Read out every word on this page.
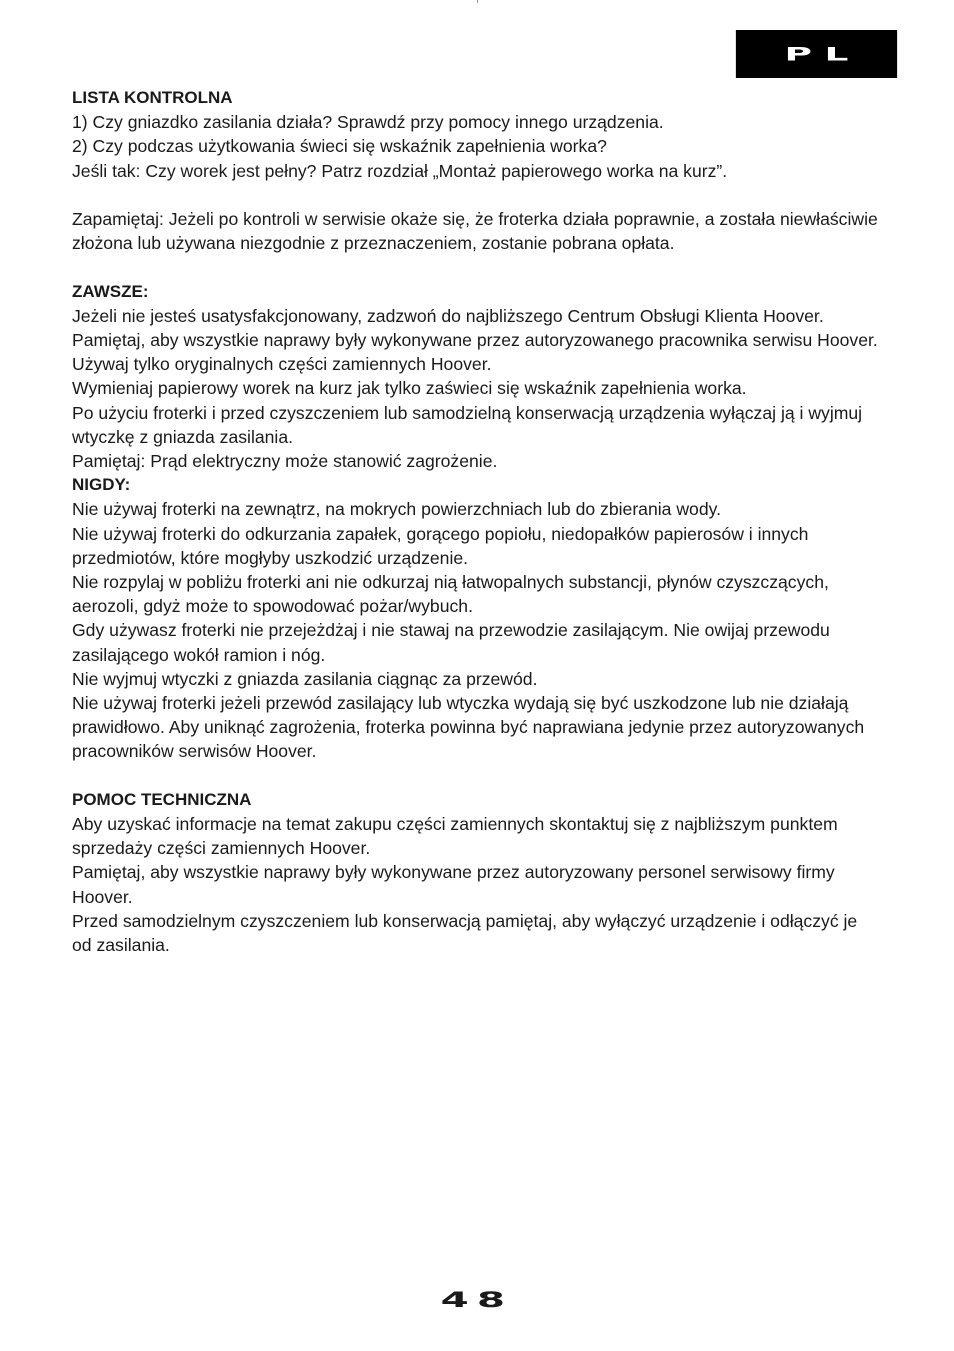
PL

LISTA KONTROLNA

1) Czy gniazdko zasilania działa? Sprawdź przy pomocy innego urządzenia.

2) Czy podczas użytkowania świeci się wskaźnik zapełnienia worka?

Jeśli tak: Czy worek jest pełny? Patrz rozdział „Montaż papierowego worka na kurz”.

Zapamiętaj: Jeżeli po kontroli w serwisie okaże się, że froterka działa poprawnie, a została niewłaściwie złożona lub używana niezgodnie z przeznaczeniem, zostanie pobrana opłata.

ZAWSZE:

Jeżeli nie jesteś usatysfakcjonowany, zadzwoń do najbliższego Centrum Obsługi Klienta Hoover. Pamiętaj, aby wszystkie naprawy były wykonywane przez autoryzowanego pracownika serwisu Hoover.

Używaj tylko oryginalnych części zamiennych Hoover.

Wymieniaj papierowy worek na kurz jak tylko zaświeci się wskaźnik zapełnienia worka.

Po użyciu froterki i przed czyszczeniem lub samodzielną konserwacją urządzenia wyłączaj ją i wyjmuj wtyczkę z gniazda zasilania.

Pamiętaj: Prąd elektryczny może stanowić zagrożenie.

NIGDY:

Nie używaj froterki na zewnątrz, na mokrych powierzchniach lub do zbierania wody.

Nie używaj froterki do odkurzania zapałek, gorącego popiołu, niedopałków papierosów i innych przedmiotów, które mogłyby uszkodzić urządzenie.

Nie rozpylaj w pobliżu froterki ani nie odkurzaj nią łatwopalnych substancji, płynów czyszczących, aerozoli, gdyż może to spowodować pożar/wybuch.

Gdy używasz froterki nie przejeżdżaj i nie stawaj na przewodzie zasilającym. Nie owijaj przewodu zasilającego wokół ramion i nóg.

Nie wyjmuj wtyczki z gniazda zasilania ciągnąc za przewód.

Nie używaj froterki jeżeli przewód zasilający lub wtyczka wydają się być uszkodzone lub nie działają prawidłowo. Aby uniknąć zagrożenia, froterka powinna być naprawiana jedynie przez autoryzowanych pracowników serwisów Hoover.

POMOC TECHNICZNA

Aby uzyskać informacje na temat zakupu części zamiennych skontaktuj się z najbliższym punktem sprzedaży części zamiennych Hoover.

Pamiętaj, aby wszystkie naprawy były wykonywane przez autoryzowany personel serwisowy firmy Hoover.

Przed samodzielnym czyszczeniem lub konserwacją pamiętaj, aby wyłączyć urządzenie i odłączyć je od zasilania.

48
